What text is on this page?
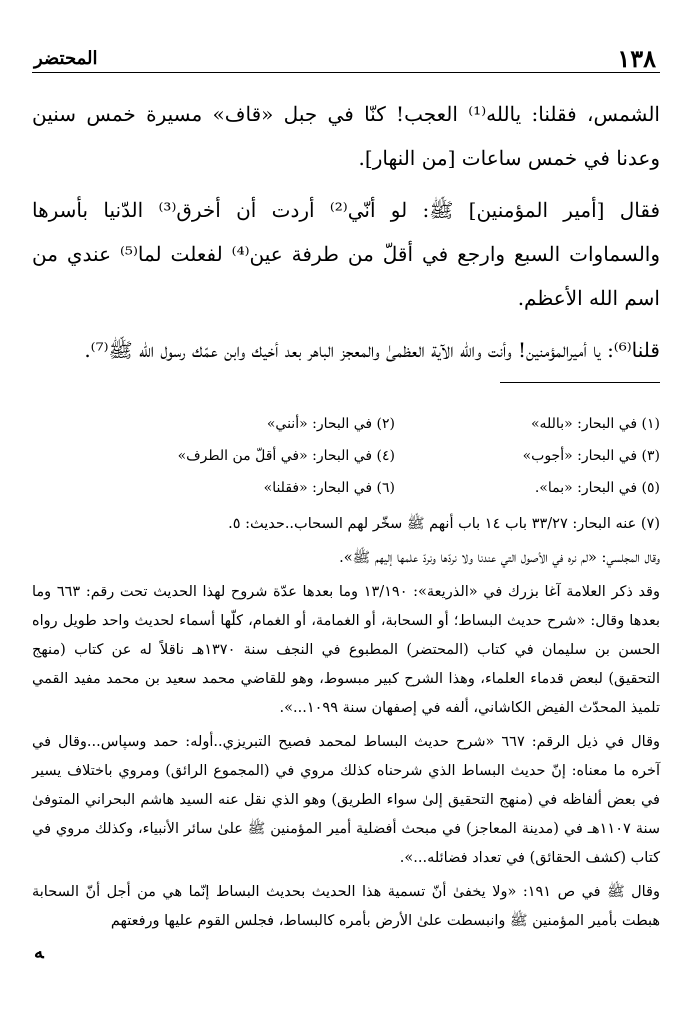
١٣٨
المحتضر

الشمس، فقلنا: يالله⁽¹⁾ العجب! كنّا في جبل «قاف» مسيرة خمس سنين وعدنا في خمس ساعات [من النهار].

فقال [أمير المؤمنين] ﷺ: لو أنّي⁽²⁾ أردت أن أخرق⁽³⁾ الدّنيا بأسرها والسماوات السبع وارجع في أقلّ من طرفة عين⁽⁴⁾ لفعلت لما⁽⁵⁾ عندي من اسم الله الأعظم.

قلنا⁽⁶⁾: يا أميرالمؤمنين! وأنت والله الآية العظمىٰ والمعجز الباهر بعد أخيك وابن عمّك رسول الله ﷺ⁽⁷⁾.

(١) في البحار: «بالله»
(٢) في البحار: «أنني»
(٣) في البحار: «أجوب»
(٤) في البحار: «في أقلّ من الطرف»
(٥) في البحار: «بما».
(٦) في البحار: «فقلنا»

(٧) عنه البحار: ٣٣/٢٧ باب ١٤ باب أنهم ﷺ سخّر لهم السحاب..حديث: ٥.

وقال المجلسي: «لم نره في الأصول التي عندنا ولا نردّها ونردّ علمها إليهم ﷺ».

وقد ذكر العلامة آغا بزرك في «الذريعة»: ١٣/١٩٠ وما بعدها عدّة شروح لهذا الحديث تحت رقم: ٦٦٣ وما بعدها وقال: «شرح حديث البساط؛ أو السحابة، أو الغمامة، أو الغمام، كلّها أسماء لحديث واحد طويل رواه الحسن بن سليمان في كتاب (المحتضر) المطبوع في النجف سنة ١٣٧٠هـ ناقلاً له عن كتاب (منهج التحقيق) لبعض قدماء العلماء، وهذا الشرح كبير مبسوط، وهو للقاضي محمد سعيد بن محمد مفيد القمي تلميذ المحدّث الفيض الكاشاني، ألفه في إصفهان سنة ١٠٩٩...».

وقال في ذيل الرقم: ٦٦٧ «شرح حديث البساط لمحمد فصيح التبريزي..أوله: حمد وسپاس...وقال في آخره ما معناه: إنّ حديث البساط الذي شرحناه كذلك مروي في (المجموع الرائق) ومروي باختلاف يسير في بعض ألفاظه في (منهج التحقيق إلىٰ سواء الطريق) وهو الذي نقل عنه السيد هاشم البحراني المتوفىٰ سنة ١١٠٧هـ في (مدينة المعاجز) في مبحث أفضلية أمير المؤمنين ﷺ علىٰ سائر الأنبياء، وكذلك مروي في كتاب (كشف الحقائق) في تعداد فضائله...».

وقال ﷺ في ص ١٩١: «ولا يخفىٰ أنّ تسمية هذا الحديث بحديث البساط إنّما هي من أجل أنّ السحابة هبطت بأمير المؤمنين ﷺ وانبسطت علىٰ الأرض بأمره كالبساط، فجلس القوم عليها ورفعتهم

ﻪ
